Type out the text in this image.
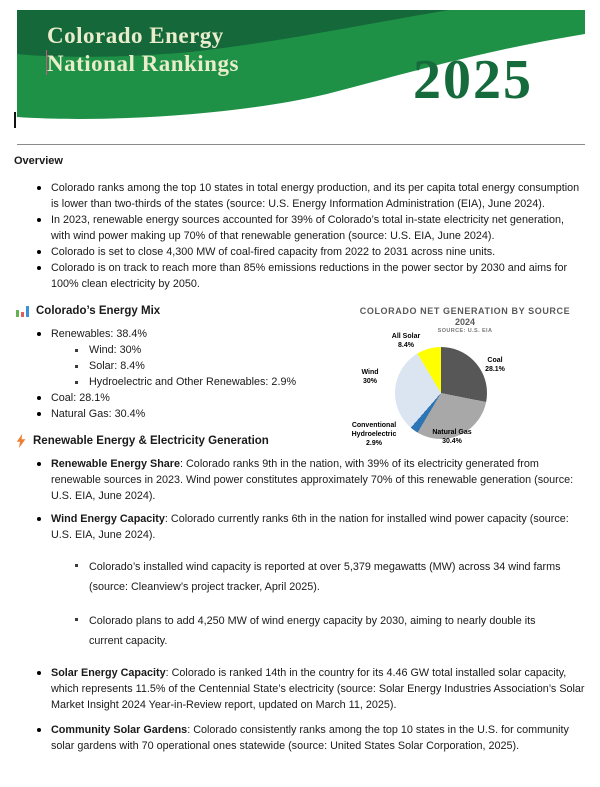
Colorado Energy
National Rankings	2025
Overview
Colorado ranks among the top 10 states in total energy production, and its per capita total energy consumption is lower than two-thirds of the states (source: U.S. Energy Information Administration (EIA), June 2024).
In 2023, renewable energy sources accounted for 39% of Colorado’s total in-state electricity net generation, with wind power making up 70% of that renewable generation (source: U.S. EIA, June 2024).
Colorado is set to close 4,300 MW of coal-fired capacity from 2022 to 2031 across nine units.
Colorado is on track to reach more than 85% emissions reductions in the power sector by 2030 and aims for 100% clean electricity by 2050.
Colorado’s Energy Mix
Renewables: 38.4%
Wind: 30%
Solar: 8.4%
Hydroelectric and Other Renewables: 2.9%
Coal: 28.1%
Natural Gas: 30.4%
Renewable Energy & Electricity Generation
Renewable Energy Share: Colorado ranks 9th in the nation, with 39% of its electricity generated from renewable sources in 2023. Wind power constitutes approximately 70% of this renewable generation (source: U.S. EIA, June 2024).
Wind Energy Capacity: Colorado currently ranks 6th in the nation for installed wind power capacity (source: U.S. EIA, June 2024).
Colorado’s installed wind capacity is reported at over 5,379 megawatts (MW) across 34 wind farms (source: Cleanview’s project tracker, April 2025).
Colorado plans to add 4,250 MW of wind energy capacity by 2030, aiming to nearly double its current capacity.
Solar Energy Capacity: Colorado is ranked 14th in the country for its 4.46 GW total installed solar capacity, which represents 11.5% of the Centennial State’s electricity (source: Solar Energy Industries Association’s Solar Market Insight 2024 Year-in-Review report, updated on March 11, 2025).
Community Solar Gardens: Colorado consistently ranks among the top 10 states in the U.S. for community solar gardens with 70 operational ones statewide (source: United States Solar Corporation, 2025).
COLORADO NET GENERATION BY SOURCE
2024
SOURCE: U.S. EIA
All Solar
8.4%
Coal
28.1%
Wind
30%
Conventional Hydroelectric
2.9%
Natural Gas
30.4%
